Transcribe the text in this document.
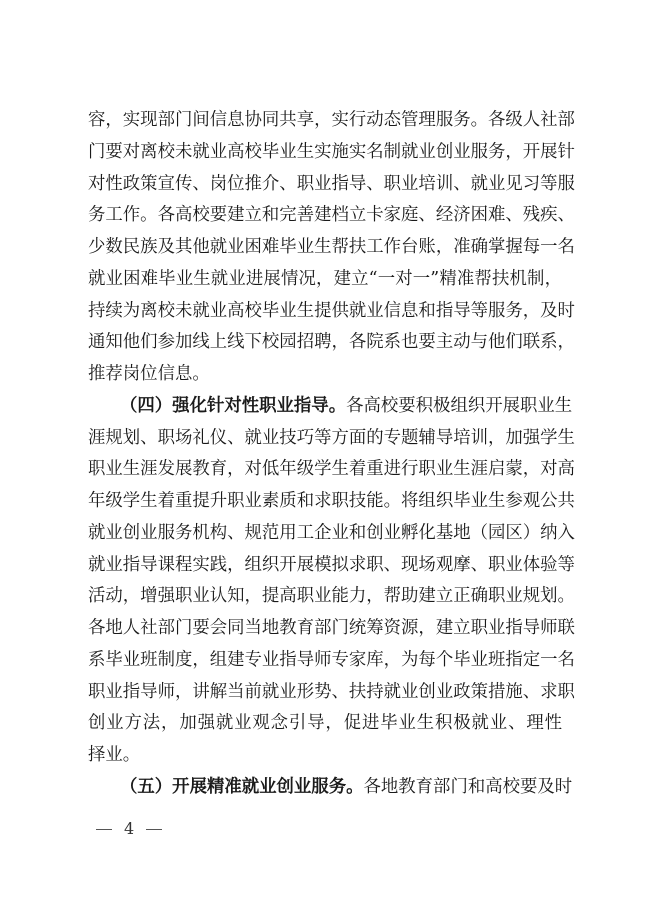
容，实现部门间信息协同共享，实行动态管理服务。各级人社部
门要对离校未就业高校毕业生实施实名制就业创业服务，开展针
对性政策宣传、岗位推介、职业指导、职业培训、就业见习等服
务工作。各高校要建立和完善建档立卡家庭、经济困难、残疾、
少数民族及其他就业困难毕业生帮扶工作台账，准确掌握每一名
就业困难毕业生就业进展情况，建立“一对一”精准帮扶机制，
持续为离校未就业高校毕业生提供就业信息和指导等服务，及时
通知他们参加线上线下校园招聘，各院系也要主动与他们联系，
推荐岗位信息。
（四）强化针对性职业指导。各高校要积极组织开展职业生
涯规划、职场礼仪、就业技巧等方面的专题辅导培训，加强学生
职业生涯发展教育，对低年级学生着重进行职业生涯启蒙，对高
年级学生着重提升职业素质和求职技能。将组织毕业生参观公共
就业创业服务机构、规范用工企业和创业孵化基地（园区）纳入
就业指导课程实践，组织开展模拟求职、现场观摩、职业体验等
活动，增强职业认知，提高职业能力，帮助建立正确职业规划。
各地人社部门要会同当地教育部门统筹资源，建立职业指导师联
系毕业班制度，组建专业指导师专家库，为每个毕业班指定一名
职业指导师，讲解当前就业形势、扶持就业创业政策措施、求职
创业方法，加强就业观念引导，促进毕业生积极就业、理性
择业。
（五）开展精准就业创业服务。各地教育部门和高校要及时
4
